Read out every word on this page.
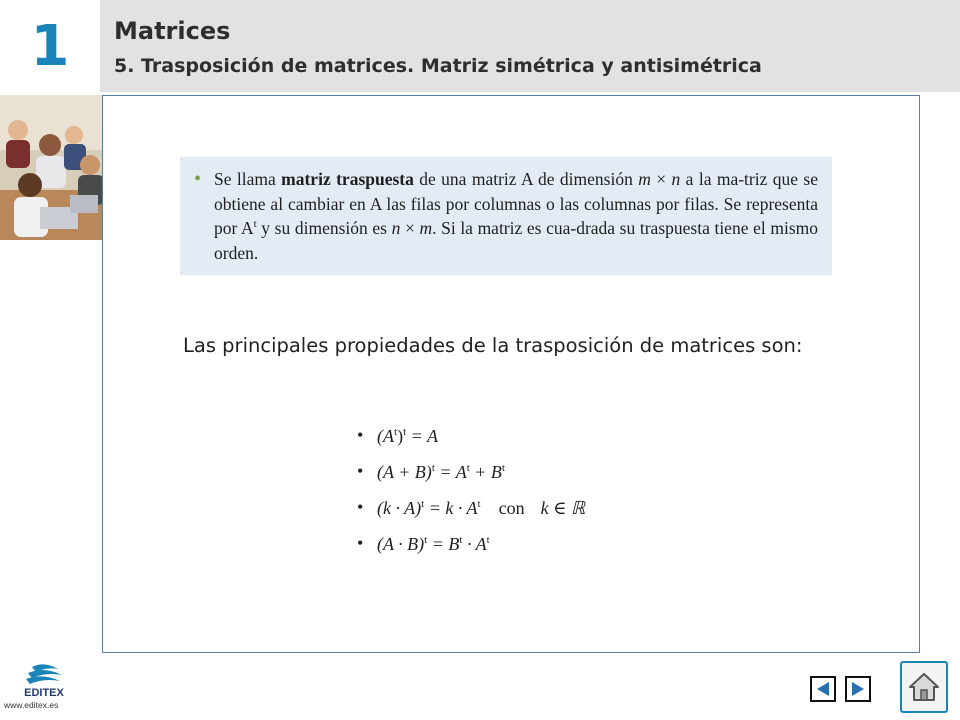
1	Matrices
5. Trasposición de matrices. Matriz simétrica y antisimétrica
• Se llama matriz traspuesta de una matriz A de dimensión m × n a la ma-triz que se obtiene al cambiar en A las filas por columnas o las columnas por filas. Se representa por $A^t$ y su dimensión es n × m. Si la matriz es cua-drada su traspuesta tiene el mismo orden.
Las principales propiedades de la trasposición de matrices son:
• $(A^t)^t = A$
• $(A + B)^t = A^t + B^t$
• $(k \cdot A)^t = k \cdot A^t$ con k ∈ ℝ
• $(A \cdot B)^t = B^t \cdot A^t$
EDITEX
www.editex.es
